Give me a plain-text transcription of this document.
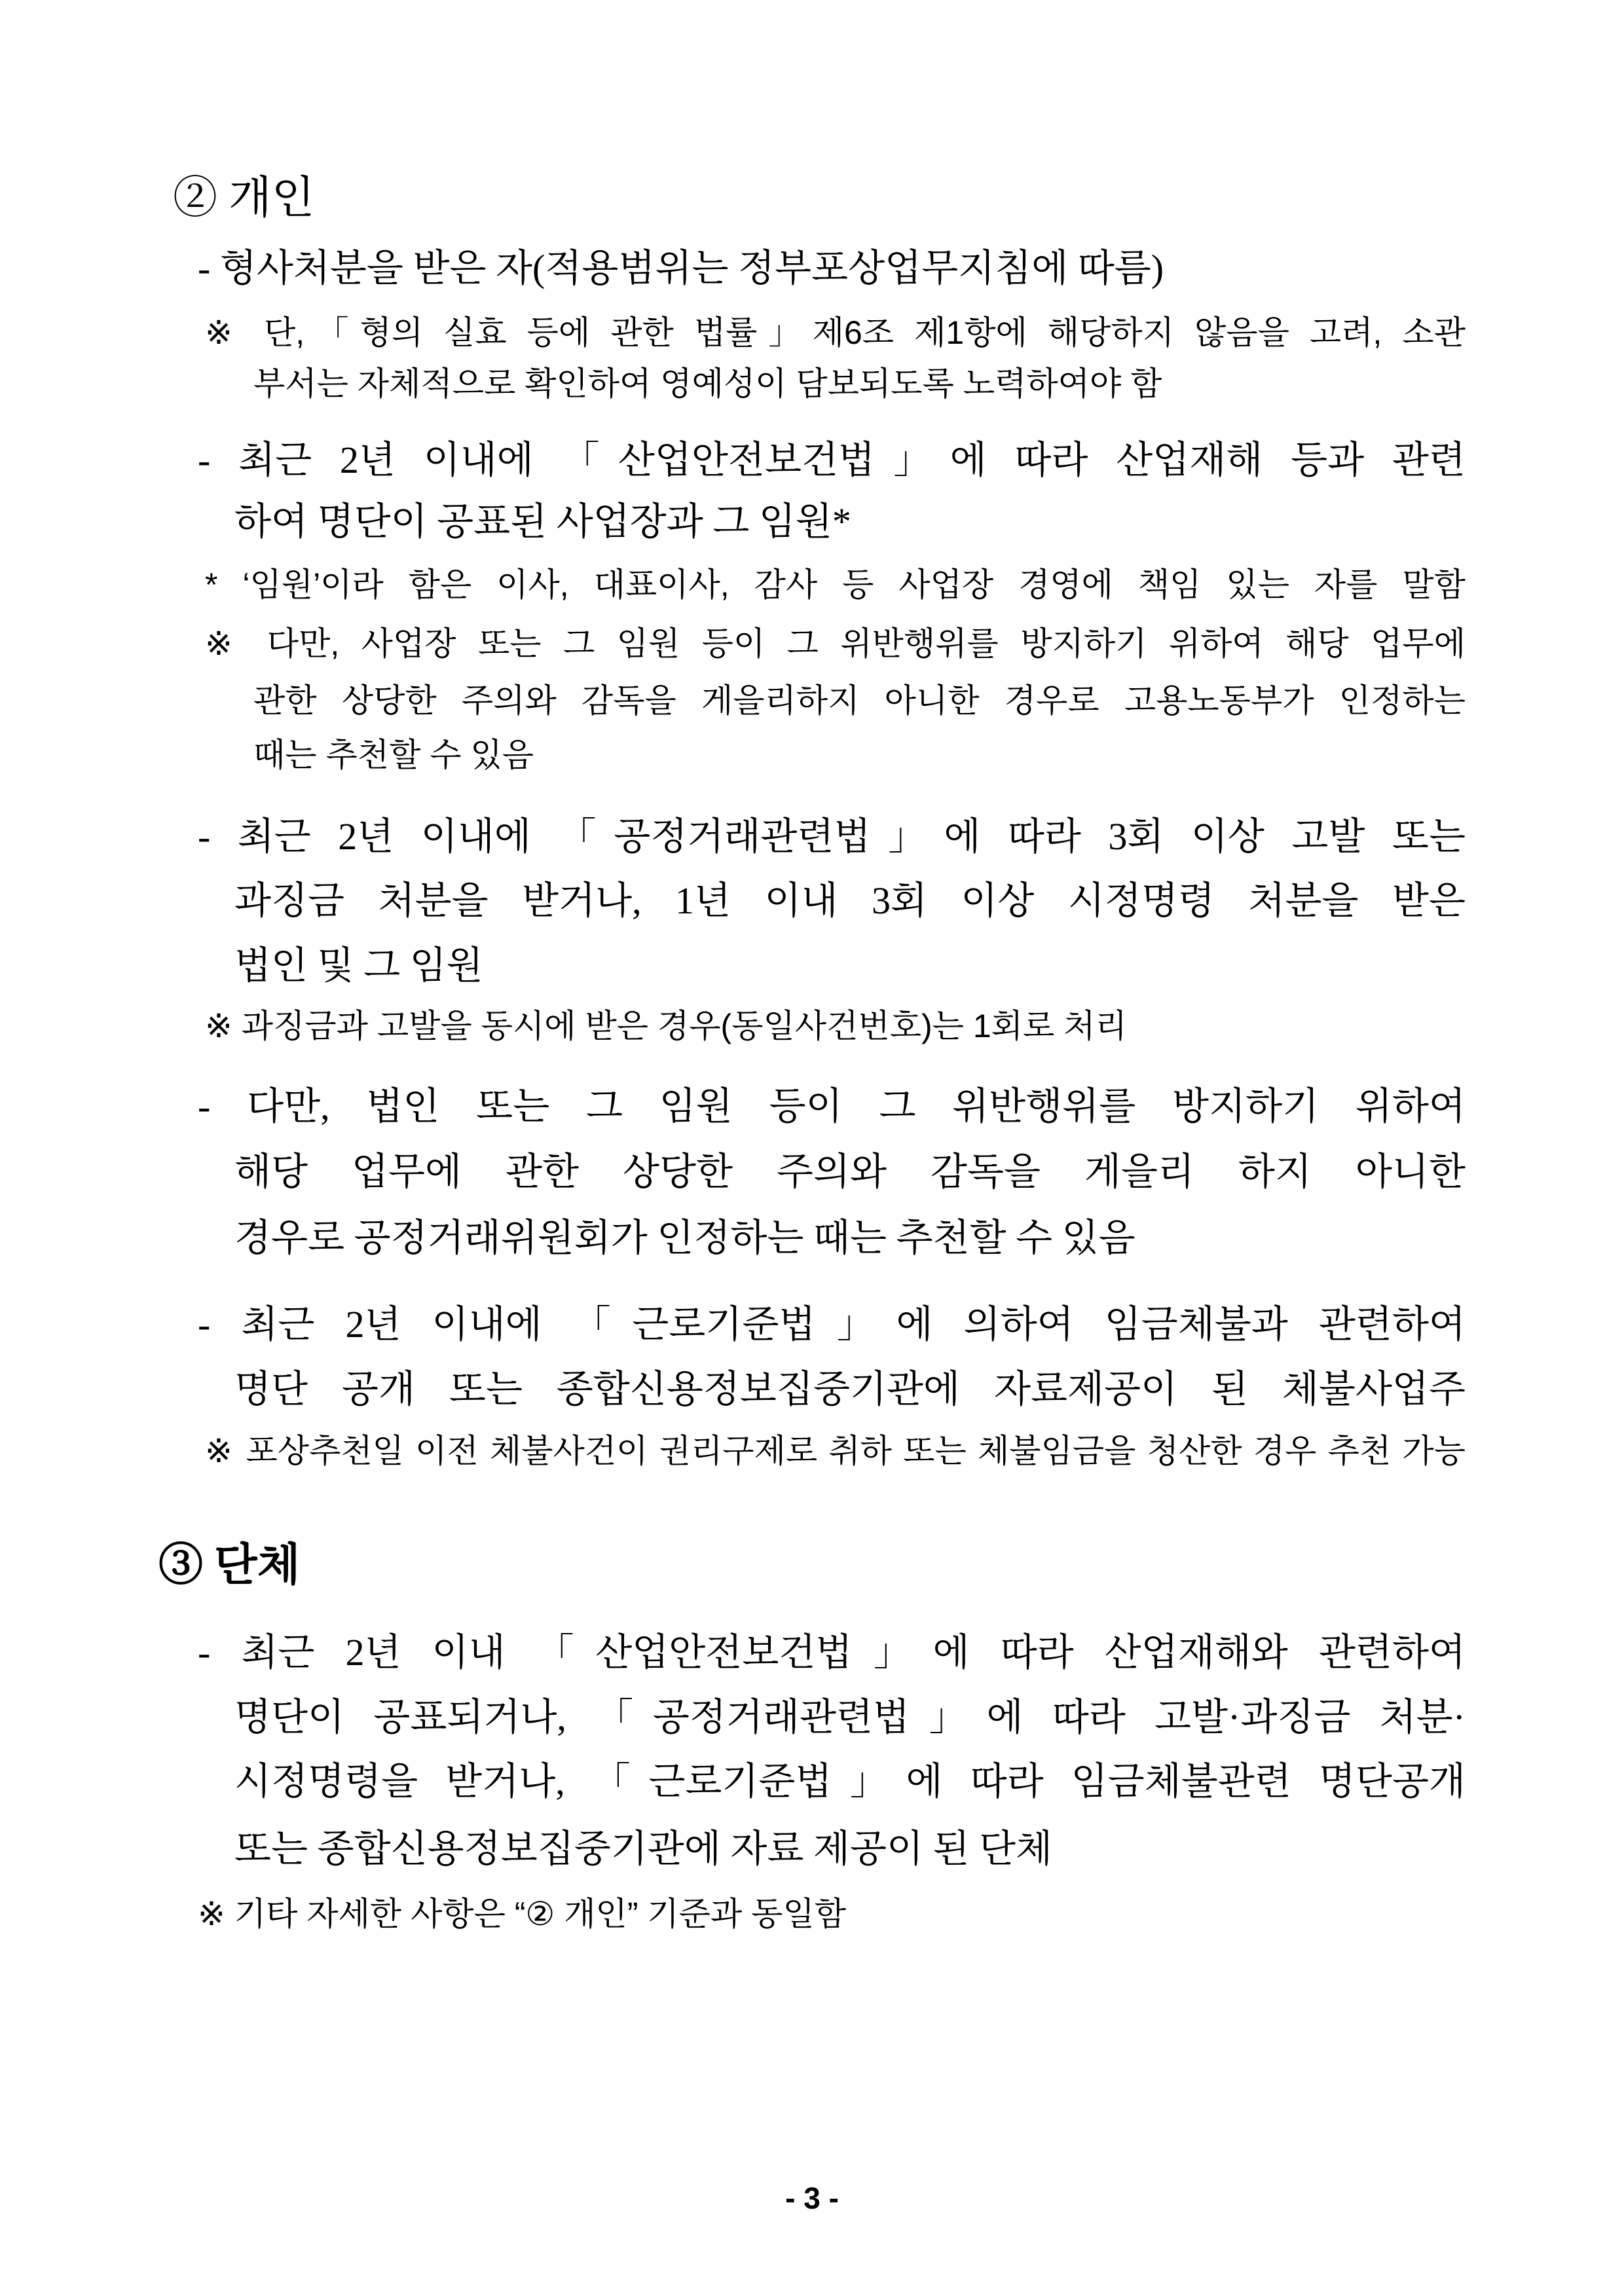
② 개인
- 형사처분을 받은 자(적용범위는 정부포상업무지침에 따름)
※ 단,「형의 실효 등에 관한 법률」제6조 제1항에 해당하지 않음을 고려, 소관
부서는 자체적으로 확인하여 영예성이 담보되도록 노력하여야 함
- 최근 2년 이내에 「산업안전보건법」에 따라 산업재해 등과 관련
하여 명단이 공표된 사업장과 그 임원*
* ‘임원’이라 함은 이사, 대표이사, 감사 등 사업장 경영에 책임 있는 자를 말함
※ 다만, 사업장 또는 그 임원 등이 그 위반행위를 방지하기 위하여 해당 업무에
관한 상당한 주의와 감독을 게을리하지 아니한 경우로 고용노동부가 인정하는
때는 추천할 수 있음
- 최근 2년 이내에 「공정거래관련법」에 따라 3회 이상 고발 또는
과징금 처분을 받거나, 1년 이내 3회 이상 시정명령 처분을 받은
법인 및 그 임원
※ 과징금과 고발을 동시에 받은 경우(동일사건번호)는 1회로 처리
- 다만, 법인 또는 그 임원 등이 그 위반행위를 방지하기 위하여
해당 업무에 관한 상당한 주의와 감독을 게을리 하지 아니한
경우로 공정거래위원회가 인정하는 때는 추천할 수 있음
- 최근 2년 이내에 「근로기준법」에 의하여 임금체불과 관련하여
명단 공개 또는 종합신용정보집중기관에 자료제공이 된 체불사업주
※ 포상추천일 이전 체불사건이 권리구제로 취하 또는 체불임금을 청산한 경우 추천 가능
③ 단체
- 최근 2년 이내 「산업안전보건법」에 따라 산업재해와 관련하여
명단이 공표되거나, 「공정거래관련법」에 따라 고발·과징금 처분·
시정명령을 받거나, 「근로기준법」에 따라 임금체불관련 명단공개
또는 종합신용정보집중기관에 자료 제공이 된 단체
※ 기타 자세한 사항은 “② 개인” 기준과 동일함
- 3 -
